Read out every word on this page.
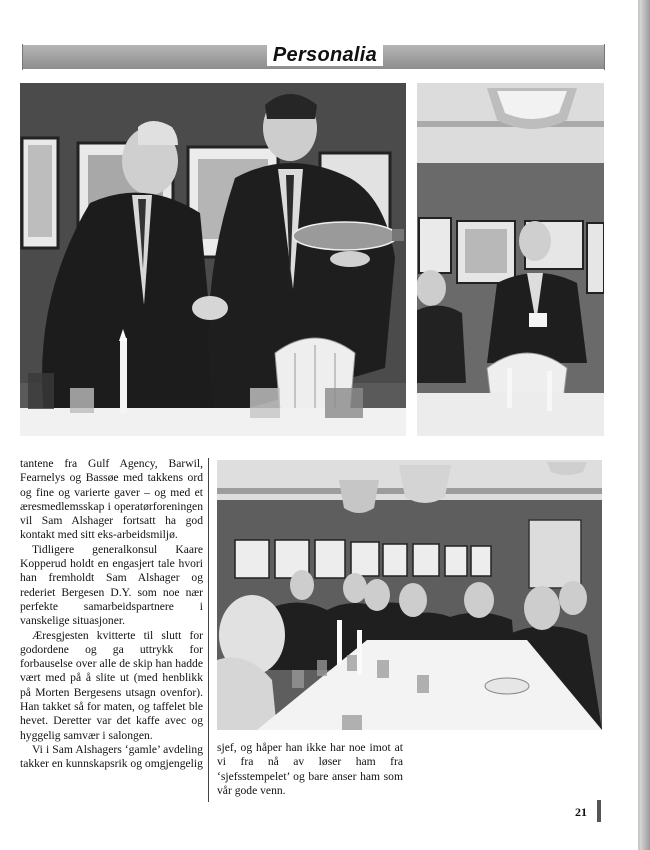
Personalia

tantene fra Gulf Agency, Barwil, Fearnelys og Bassøe med takkens ord og fine og varierte gaver – og med et æresmedlemsskap i operatørforeningen vil Sam Alshager fortsatt ha god kontakt med sitt eks-arbeidsmiljø.

Tidligere generalkonsul Kaare Kopperud holdt en engasjert tale hvori han fremholdt Sam Alshager og rederiet Bergesen D.Y. som noe nær perfekte samarbeidspartnere i vanskelige situasjoner.

Æresgjesten kvitterte til slutt for godordene og ga uttrykk for forbauselse over alle de skip han hadde vært med på å slite ut (med henblikk på Morten Bergesens utsagn ovenfor). Han takket så for maten, og taffelet ble hevet. Deretter var det kaffe avec og hyggelig samvær i salongen.

Vi i Sam Alshagers ‘gamle’ avdeling takker en kunnskapsrik og omgjengelig

sjef, og håper han ikke har noe imot at vi fra nå av løser ham fra ‘sjefsstempelet’ og bare anser ham som vår gode venn.

21
